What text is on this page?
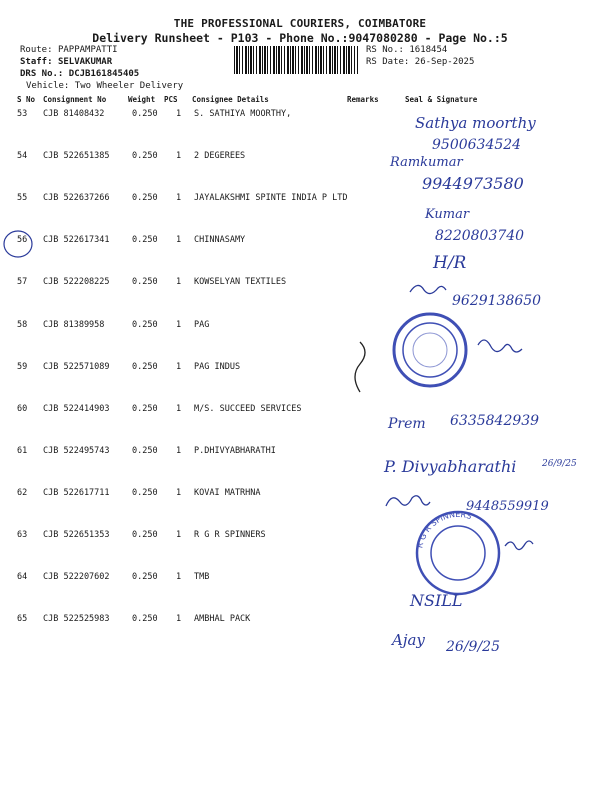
THE PROFESSIONAL COURIERS, COIMBATORE
Delivery Runsheet - P103 - Phone No.:9047080280 - Page No.:5
Route: PAPPAMPATTI
Staff: SELVAKUMAR
DRS No.: DCJB161845405
Vehicle: Two Wheeler Delivery
RS No.: 1618454
RS Date: 26-Sep-2025
S No Consignment No	Weight PCS Consignee Details	Remarks	Seal & Signature
53 CJB 81408432	0.250 1 S. SATHIYA MOORTHY,
54 CJB 522651385	0.250 1 2 DEGEREES
55 CJB 522637266	0.250 1 JAYALAKSHMI SPINTE INDIA P LTD
56 CJB 522617341	0.250 1 CHINNASAMY
57 CJB 522208225	0.250 1 KOWSELYAN TEXTILES
58 CJB 81389958	0.250 1 PAG
59 CJB 522571089	0.250 1 PAG INDUS
60 CJB 522414903	0.250 1 M/S. SUCCEED SERVICES
61 CJB 522495743	0.250 1 P.DHIVYABHARATHI
62 CJB 522617711	0.250 1 KOVAI MATRHNA
63 CJB 522651353	0.250 1 R G R SPINNERS
64 CJB 522207602	0.250 1 TMB
65 CJB 522525983	0.250 1 AMBHAL PACK
Sathya moorthy
9500634524
Ramkumar
9944973580
Kumar
8220803740
H/R
9629138650
Prem 6335842939
P. Divyabharathi	26/9/25
9448559919
R G R SPINNERS
NSILL
Ajay 26/9/25
